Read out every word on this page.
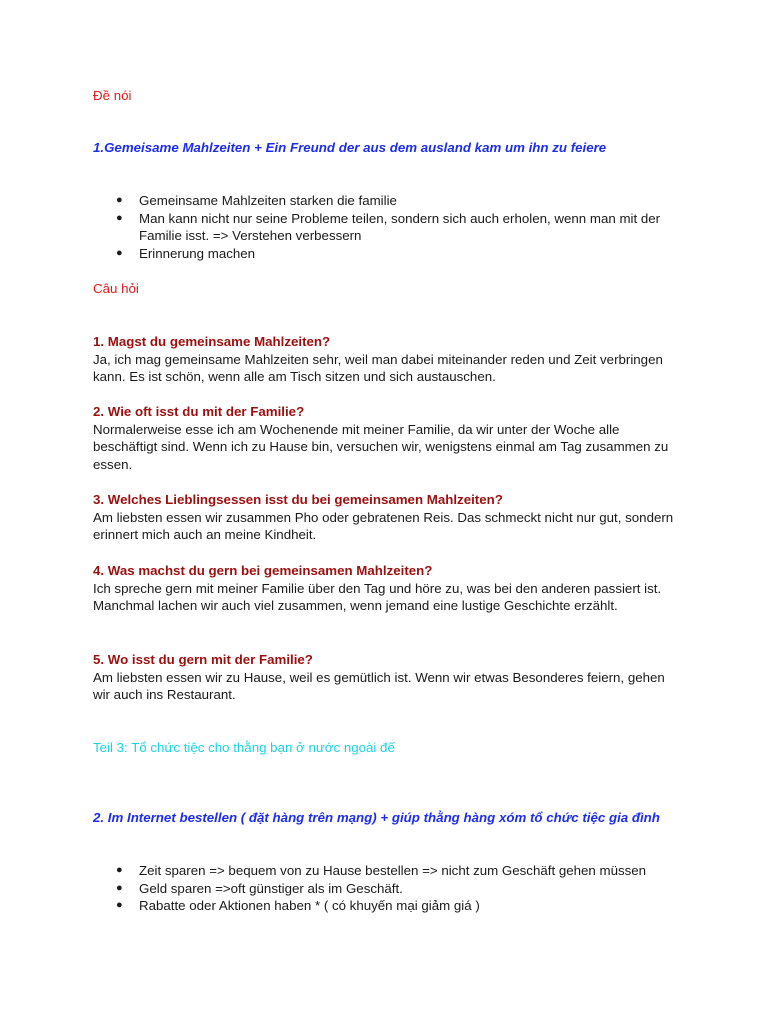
Đề nói

1.Gemeisame Mahlzeiten + Ein Freund der aus dem ausland kam um ihn zu feiere

● Gemeinsame Mahlzeiten starken die familie
● Man kann nicht nur seine Probleme teilen, sondern sich auch erholen, wenn man mit der Familie isst. => Verstehen verbessern
● Erinnerung machen

Câu hỏi

1. Magst du gemeinsame Mahlzeiten?

Ja, ich mag gemeinsame Mahlzeiten sehr, weil man dabei miteinander reden und Zeit verbringen kann. Es ist schön, wenn alle am Tisch sitzen und sich austauschen.

2. Wie oft isst du mit der Familie?

Normalerweise esse ich am Wochenende mit meiner Familie, da wir unter der Woche alle beschäftigt sind. Wenn ich zu Hause bin, versuchen wir, wenigstens einmal am Tag zusammen zu essen.

3. Welches Lieblingsessen isst du bei gemeinsamen Mahlzeiten?

Am liebsten essen wir zusammen Pho oder gebratenen Reis. Das schmeckt nicht nur gut, sondern erinnert mich auch an meine Kindheit.

4. Was machst du gern bei gemeinsamen Mahlzeiten?

Ich spreche gern mit meiner Familie über den Tag und höre zu, was bei den anderen passiert ist. Manchmal lachen wir auch viel zusammen, wenn jemand eine lustige Geschichte erzählt.

5. Wo isst du gern mit der Familie?

Am liebsten essen wir zu Hause, weil es gemütlich ist. Wenn wir etwas Besonderes feiern, gehen wir auch ins Restaurant.

Teil 3: Tổ chức tiệc cho thằng bạn ở nước ngoài đế

2. Im Internet bestellen ( đặt hàng trên mạng) + giúp thằng hàng xóm tổ chức tiệc gia đình

● Zeit sparen => bequem von zu Hause bestellen => nicht zum Geschäft gehen müssen
● Geld sparen =>oft günstiger als im Geschäft.
● Rabatte oder Aktionen haben * ( có khuyến mại giảm giá )
